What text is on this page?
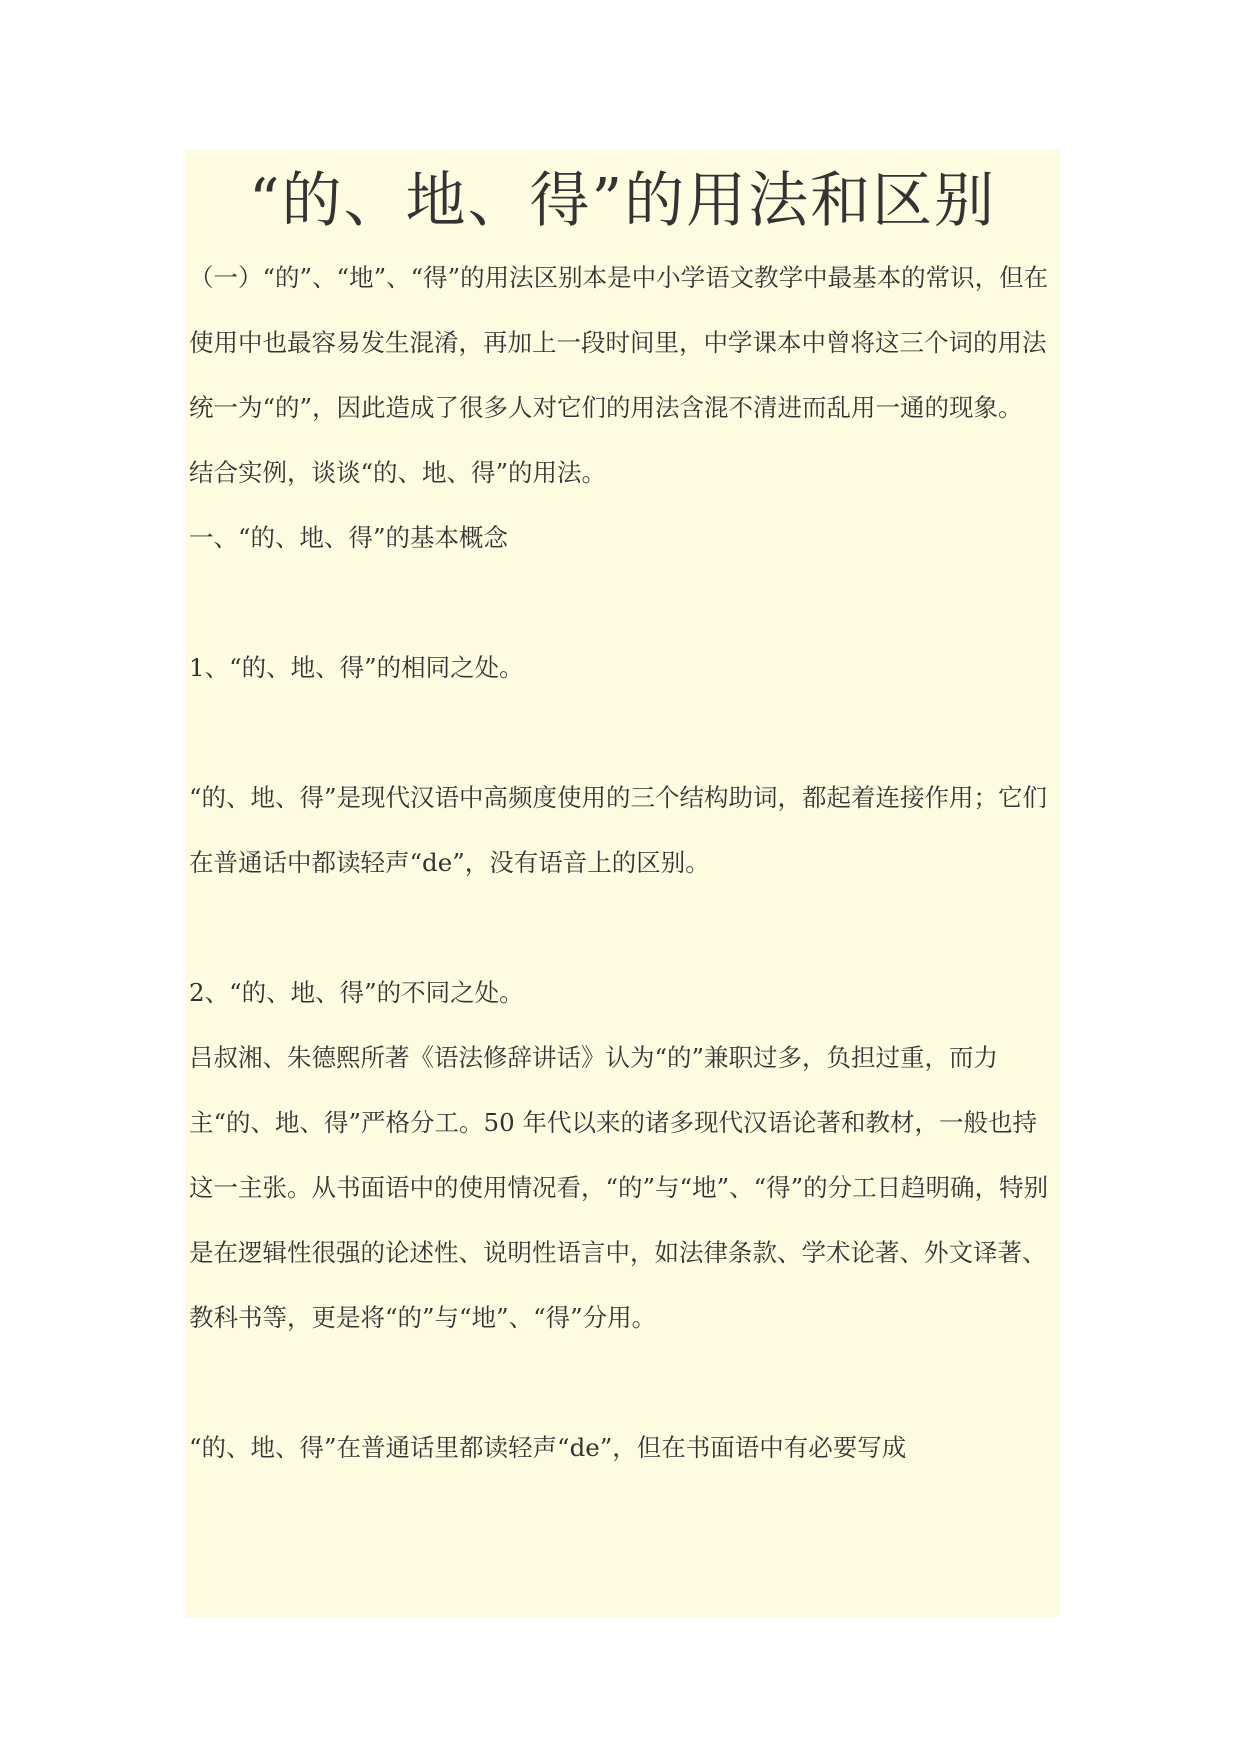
“的、地、得”的用法和区别

（一）“的”、“地”、“得”的用法区别本是中小学语文教学中最基本的常识，但在使用中也最容易发生混淆，再加上一段时间里，中学课本中曾将这三个词的用法统一为“的”，因此造成了很多人对它们的用法含混不清进而乱用一通的现象。

结合实例，谈谈“的、地、得”的用法。

一、“的、地、得”的基本概念

1、“的、地、得”的相同之处。

“的、地、得”是现代汉语中高频度使用的三个结构助词，都起着连接作用；它们在普通话中都读轻声“de”，没有语音上的区别。

2、“的、地、得”的不同之处。

吕叔湘、朱德熙所著《语法修辞讲话》认为“的”兼职过多，负担过重，而力主“的、地、得”严格分工。50 年代以来的诸多现代汉语论著和教材，一般也持这一主张。从书面语中的使用情况看，“的”与“地”、“得”的分工日趋明确，特别是在逻辑性很强的论述性、说明性语言中，如法律条款、学术论著、外文译著、教科书等，更是将“的”与“地”、“得”分用。

“的、地、得”在普通话里都读轻声“de”，但在书面语中有必要写成
